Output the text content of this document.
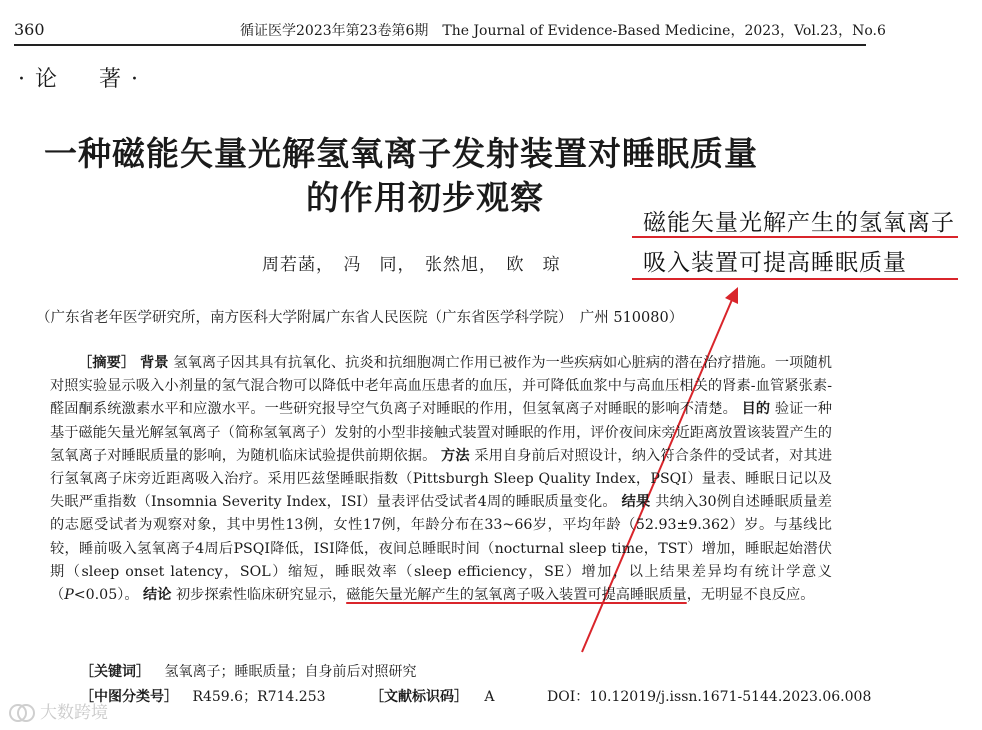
360	循证医学2023年第23卷第6期　The Journal of Evidence-Based Medicine，2023，Vol.23，No.6
·论　著·
一种磁能矢量光解氢氧离子发射装置对睡眠质量
的作用初步观察
周若菡，　冯　同，　张然旭，　欧　琼
磁能矢量光解产生的氢氧离子
吸入装置可提高睡眠质量
（广东省老年医学研究所，南方医科大学附属广东省人民医院（广东省医学科学院）　广州 510080）
［摘要］ 背景 氢氧离子因其具有抗氧化、抗炎和抗细胞凋亡作用已被作为一些疾病如心脏病的潜在治疗措施。一项随机对照实验显示吸入小剂量的氢气混合物可以降低中老年高血压患者的血压，并可降低血浆中与高血压相关的肾素-血管紧张素-醛固酮系统激素水平和应激水平。一些研究报导空气负离子对睡眠的作用，但氢氧离子对睡眠的影响不清楚。 目的 验证一种基于磁能矢量光解氢氧离子（简称氢氧离子）发射的小型非接触式装置对睡眠的作用，评价夜间床旁近距离放置该装置产生的氢氧离子对睡眠质量的影响，为随机临床试验提供前期依据。 方法 采用自身前后对照设计，纳入符合条件的受试者，对其进行氢氧离子床旁近距离吸入治疗。采用匹兹堡睡眠指数（Pittsburgh Sleep Quality Index，PSQI）量表、睡眠日记以及失眠严重指数（Insomnia Severity Index，ISI）量表评估受试者4周的睡眠质量变化。 结果 共纳入30例自述睡眠质量差的志愿受试者为观察对象，其中男性13例，女性17例，年龄分布在33~66岁，平均年龄（52.93±9.362）岁。与基线比较，睡前吸入氢氧离子4周后PSQI降低，ISI降低，夜间总睡眠时间（nocturnal sleep time，TST）增加，睡眠起始潜伏期（sleep onset latency，SOL）缩短，睡眠效率（sleep efficiency，SE）增加，以上结果差异均有统计学意义（P<0.05）。 结论 初步探索性临床研究显示，磁能矢量光解产生的氢氧离子吸入装置可提高睡眠质量，无明显不良反应。
［关键词］ 氢氧离子；睡眠质量；自身前后对照研究
［中图分类号］ R459.6；R714.253	［文献标识码］ A	DOI：10.12019/j.issn.1671-5144.2023.06.008
大数跨境
